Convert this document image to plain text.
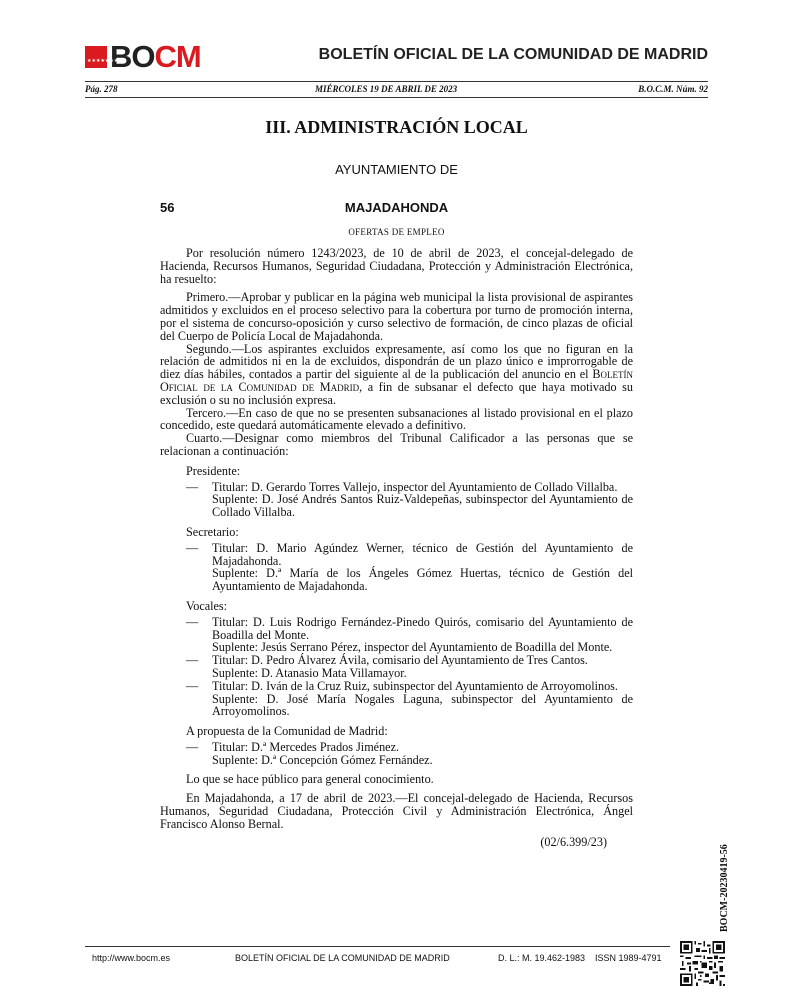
★★★★★★★
BOCM	BOLETÍN OFICIAL DE LA COMUNIDAD DE MADRID
Pág. 278	MIÉRCOLES 19 DE ABRIL DE 2023	B.O.C.M. Núm. 92
III. ADMINISTRACIÓN LOCAL
AYUNTAMIENTO DE
56	MAJADAHONDA
OFERTAS DE EMPLEO

Por resolución número 1243/2023, de 10 de abril de 2023, el concejal-delegado de Hacienda, Recursos Humanos, Seguridad Ciudadana, Protección y Administración Electrónica, ha resuelto:

Primero.—Aprobar y publicar en la página web municipal la lista provisional de aspirantes admitidos y excluidos en el proceso selectivo para la cobertura por turno de promoción interna, por el sistema de concurso-oposición y curso selectivo de formación, de cinco plazas de oficial del Cuerpo de Policía Local de Majadahonda.

Segundo.—Los aspirantes excluidos expresamente, así como los que no figuran en la relación de admitidos ni en la de excluidos, dispondrán de un plazo único e improrrogable de diez días hábiles, contados a partir del siguiente al de la publicación del anuncio en el Boletín Oficial de la Comunidad de Madrid, a fin de subsanar el defecto que haya motivado su exclusión o su no inclusión expresa.

Tercero.—En caso de que no se presenten subsanaciones al listado provisional en el plazo concedido, este quedará automáticamente elevado a definitivo.

Cuarto.—Designar como miembros del Tribunal Calificador a las personas que se relacionan a continuación:

Presidente:

—	Titular: D. Gerardo Torres Vallejo, inspector del Ayuntamiento de Collado Villalba.
Suplente: D. José Andrés Santos Ruiz-Valdepeñas, subinspector del Ayuntamiento de Collado Villalba.

Secretario:

—	Titular: D. Mario Agúndez Werner, técnico de Gestión del Ayuntamiento de Majadahonda.
Suplente: D.ª María de los Ángeles Gómez Huertas, técnico de Gestión del Ayuntamiento de Majadahonda.

Vocales:

—	Titular: D. Luis Rodrigo Fernández-Pinedo Quirós, comisario del Ayuntamiento de Boadilla del Monte.
Suplente: Jesús Serrano Pérez, inspector del Ayuntamiento de Boadilla del Monte.
—	Titular: D. Pedro Álvarez Ávila, comisario del Ayuntamiento de Tres Cantos.
Suplente: D. Atanasio Mata Villamayor.
—	Titular: D. Iván de la Cruz Ruiz, subinspector del Ayuntamiento de Arroyomolinos.
Suplente: D. José María Nogales Laguna, subinspector del Ayuntamiento de Arroyomolinos.

A propuesta de la Comunidad de Madrid:

—	Titular: D.ª Mercedes Prados Jiménez.
Suplente: D.ª Concepción Gómez Fernández.

Lo que se hace público para general conocimiento.

En Majadahonda, a 17 de abril de 2023.—El concejal-delegado de Hacienda, Recursos Humanos, Seguridad Ciudadana, Protección Civil y Administración Electrónica, Ángel Francisco Alonso Bernal.

(02/6.399/23)
BOCM-20230419-56
http://www.bocm.es	BOLETÍN OFICIAL DE LA COMUNIDAD DE MADRID	D. L.: M. 19.462-1983 ISSN 1989-4791
